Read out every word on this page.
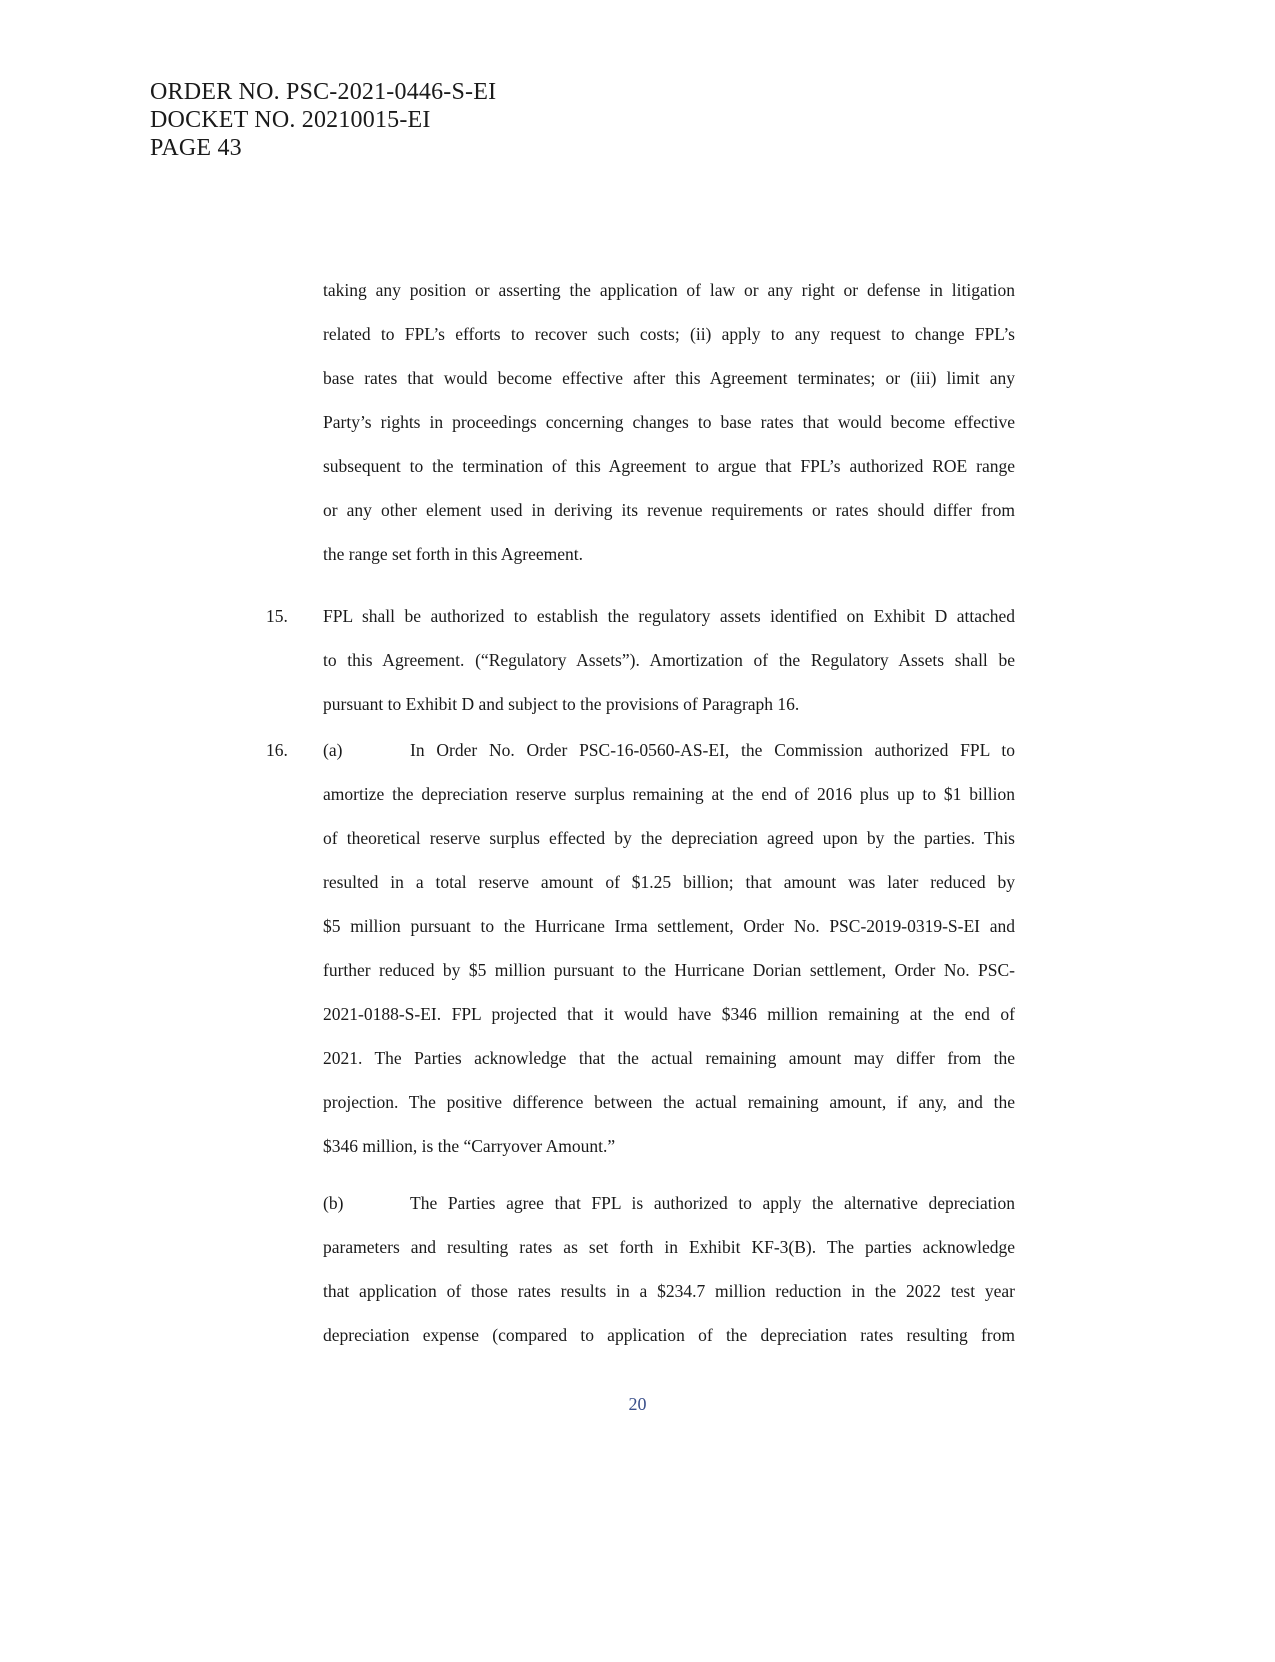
ORDER NO. PSC-2021-0446-S-EI
DOCKET NO. 20210015-EI
PAGE 43
taking any position or asserting the application of law or any right or defense in litigation
related to FPL’s efforts to recover such costs; (ii) apply to any request to change FPL’s
base rates that would become effective after this Agreement terminates; or (iii) limit any
Party’s rights in proceedings concerning changes to base rates that would become effective
subsequent to the termination of this Agreement to argue that FPL’s authorized ROE range
or any other element used in deriving its revenue requirements or rates should differ from
the range set forth in this Agreement.
15. FPL shall be authorized to establish the regulatory assets identified on Exhibit D attached
to this Agreement. (“Regulatory Assets”). Amortization of the Regulatory Assets shall be
pursuant to Exhibit D and subject to the provisions of Paragraph 16.
16. (a)	In Order No. Order PSC-16-0560-AS-EI, the Commission authorized FPL to
amortize the depreciation reserve surplus remaining at the end of 2016 plus up to $1 billion
of theoretical reserve surplus effected by the depreciation agreed upon by the parties. This
resulted in a total reserve amount of $1.25 billion; that amount was later reduced by
$5 million pursuant to the Hurricane Irma settlement, Order No. PSC-2019-0319-S-EI and
further reduced by $5 million pursuant to the Hurricane Dorian settlement, Order No. PSC-
2021-0188-S-EI. FPL projected that it would have $346 million remaining at the end of
2021. The Parties acknowledge that the actual remaining amount may differ from the
projection. The positive difference between the actual remaining amount, if any, and the
$346 million, is the “Carryover Amount.”
(b)	The Parties agree that FPL is authorized to apply the alternative depreciation
parameters and resulting rates as set forth in Exhibit KF-3(B). The parties acknowledge
that application of those rates results in a $234.7 million reduction in the 2022 test year
depreciation expense (compared to application of the depreciation rates resulting from
20
